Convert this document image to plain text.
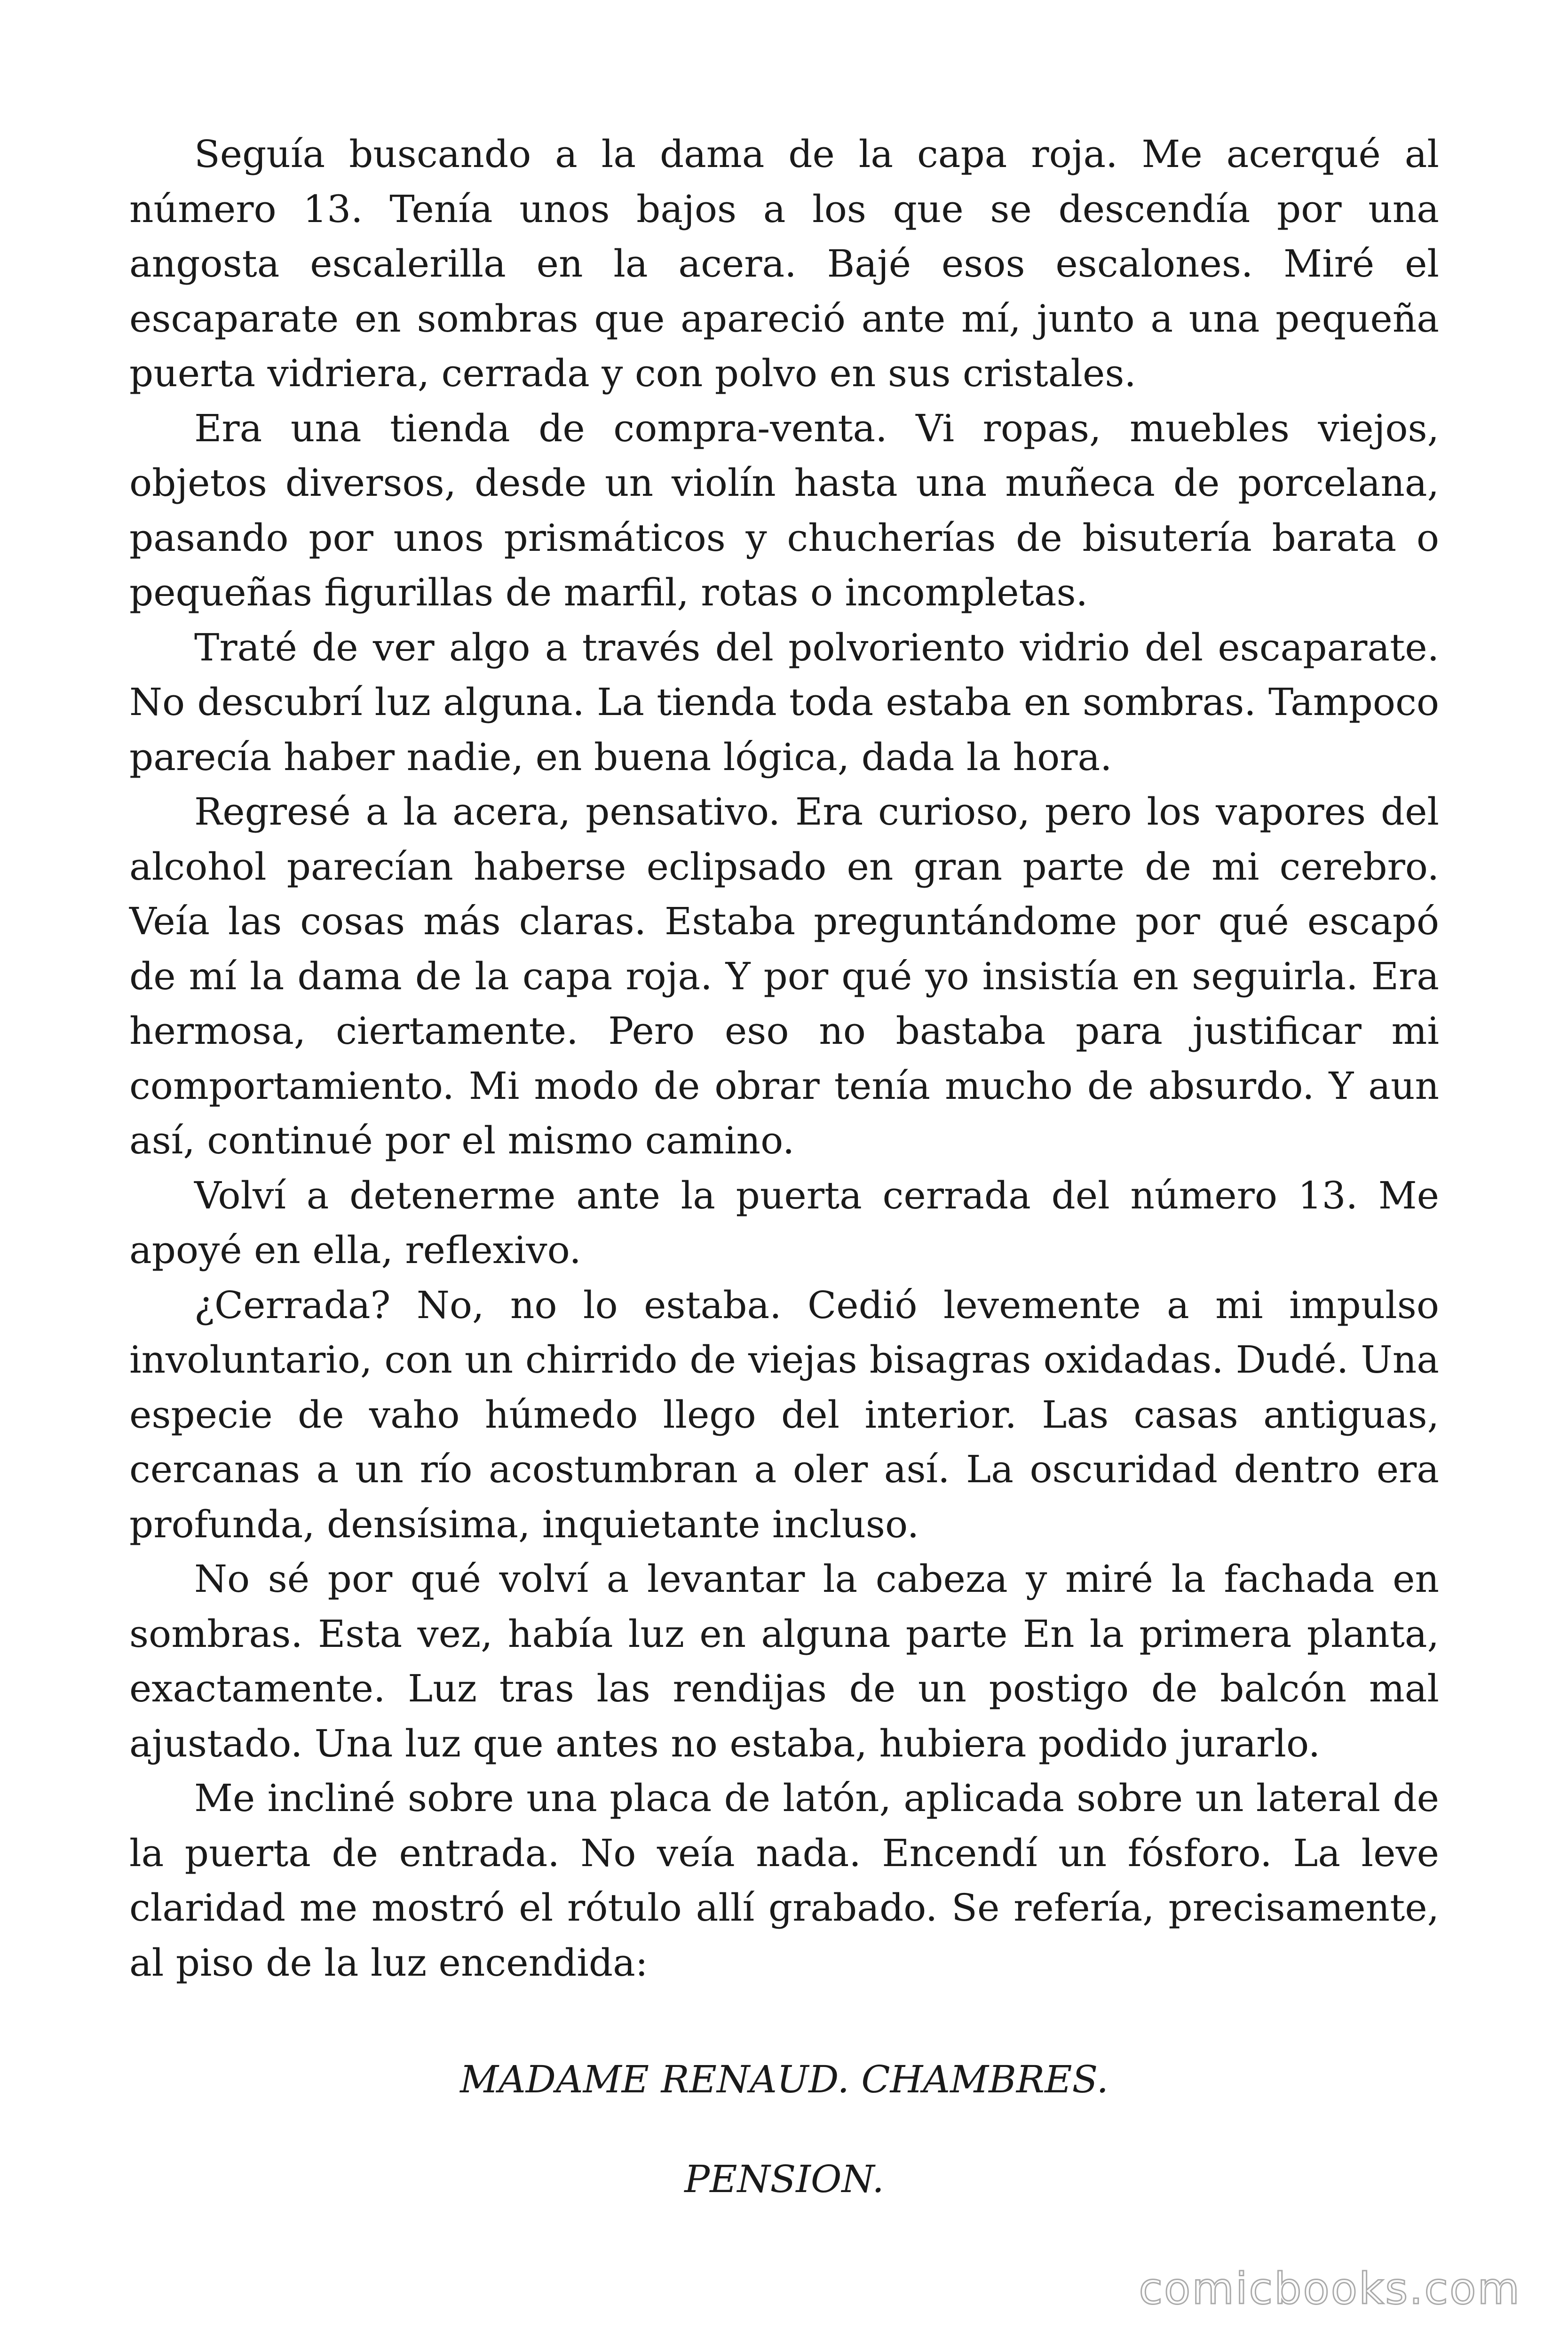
Seguía buscando a la dama de la capa roja. Me acerqué al número 13. Tenía unos bajos a los que se descendía por una angosta escalerilla en la acera. Bajé esos escalones. Miré el escaparate en sombras que apareció ante mí, junto a una pequeña puerta vidriera, cerrada y con polvo en sus cristales.

Era una tienda de compra-venta. Vi ropas, muebles viejos, objetos diversos, desde un violín hasta una muñeca de porcelana, pasando por unos prismáticos y chucherías de bisutería barata o pequeñas figurillas de marfil, rotas o incompletas.

Traté de ver algo a través del polvoriento vidrio del escaparate. No descubrí luz alguna. La tienda toda estaba en sombras. Tampoco parecía haber nadie, en buena lógica, dada la hora.

Regresé a la acera, pensativo. Era curioso, pero los vapores del alcohol parecían haberse eclipsado en gran parte de mi cerebro. Veía las cosas más claras. Estaba preguntándome por qué escapó de mí la dama de la capa roja. Y por qué yo insistía en seguirla. Era hermosa, ciertamente. Pero eso no bastaba para justificar mi comportamiento. Mi modo de obrar tenía mucho de absurdo. Y aun así, continué por el mismo camino.

Volví a detenerme ante la puerta cerrada del número 13. Me apoyé en ella, reflexivo.

¿Cerrada? No, no lo estaba. Cedió levemente a mi impulso involuntario, con un chirrido de viejas bisagras oxidadas. Dudé. Una especie de vaho húmedo llego del interior. Las casas antiguas, cercanas a un río acostumbran a oler así. La oscuridad dentro era profunda, densísima, inquietante incluso.

No sé por qué volví a levantar la cabeza y miré la fachada en sombras. Esta vez, había luz en alguna parte En la primera planta, exactamente. Luz tras las rendijas de un postigo de balcón mal ajustado. Una luz que antes no estaba, hubiera podido jurarlo.

Me incliné sobre una placa de latón, aplicada sobre un lateral de la puerta de entrada. No veía nada. Encendí un fósforo. La leve claridad me mostró el rótulo allí grabado. Se refería, precisamente, al piso de la luz encendida:

MADAME RENAUD. CHAMBRES.

PENSION.

comicbooks.com
